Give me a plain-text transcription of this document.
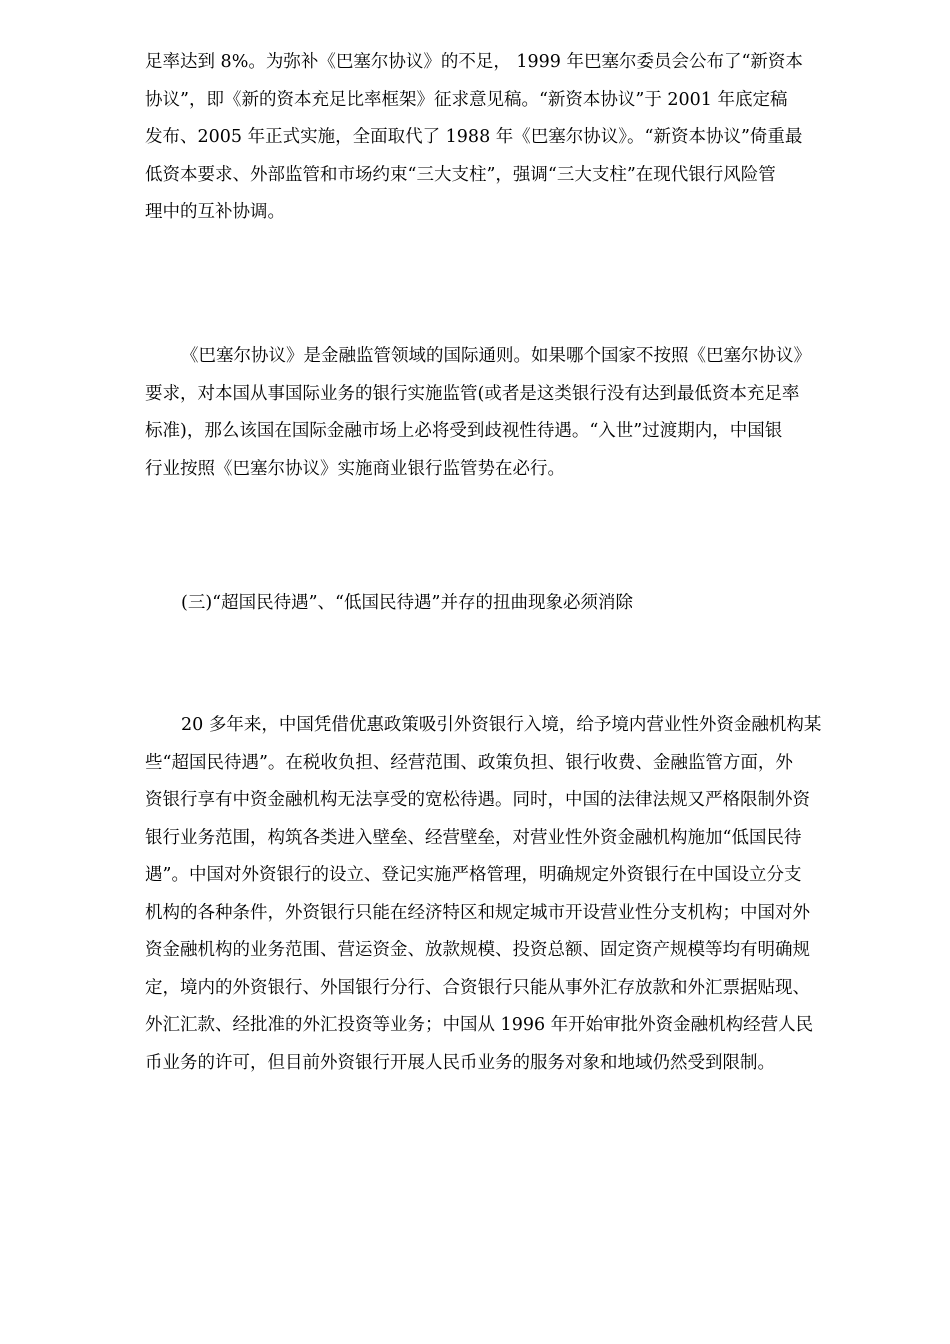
足率达到 8%。为弥补《巴塞尔协议》的不足， 1999 年巴塞尔委员会公布了“新资本
协议”，即《新的资本充足比率框架》征求意见稿。“新资本协议”于 2001 年底定稿
发布、2005 年正式实施，全面取代了 1988 年《巴塞尔协议》。“新资本协议”倚重最
低资本要求、外部监管和市场约束“三大支柱”，强调“三大支柱”在现代银行风险管
理中的互补协调。
《巴塞尔协议》是金融监管领域的国际通则。如果哪个国家不按照《巴塞尔协议》
要求，对本国从事国际业务的银行实施监管(或者是这类银行没有达到最低资本充足率
标准)，那么该国在国际金融市场上必将受到歧视性待遇。“入世”过渡期内，中国银
行业按照《巴塞尔协议》实施商业银行监管势在必行。
(三)“超国民待遇”、“低国民待遇”并存的扭曲现象必须消除
20 多年来，中国凭借优惠政策吸引外资银行入境，给予境内营业性外资金融机构某
些“超国民待遇”。在税收负担、经营范围、政策负担、银行收费、金融监管方面，外
资银行享有中资金融机构无法享受的宽松待遇。同时，中国的法律法规又严格限制外资
银行业务范围，构筑各类进入壁垒、经营壁垒，对营业性外资金融机构施加“低国民待
遇”。中国对外资银行的设立、登记实施严格管理，明确规定外资银行在中国设立分支
机构的各种条件，外资银行只能在经济特区和规定城市开设营业性分支机构；中国对外
资金融机构的业务范围、营运资金、放款规模、投资总额、固定资产规模等均有明确规
定，境内的外资银行、外国银行分行、合资银行只能从事外汇存放款和外汇票据贴现、
外汇汇款、经批准的外汇投资等业务；中国从 1996 年开始审批外资金融机构经营人民
币业务的许可，但目前外资银行开展人民币业务的服务对象和地域仍然受到限制。
